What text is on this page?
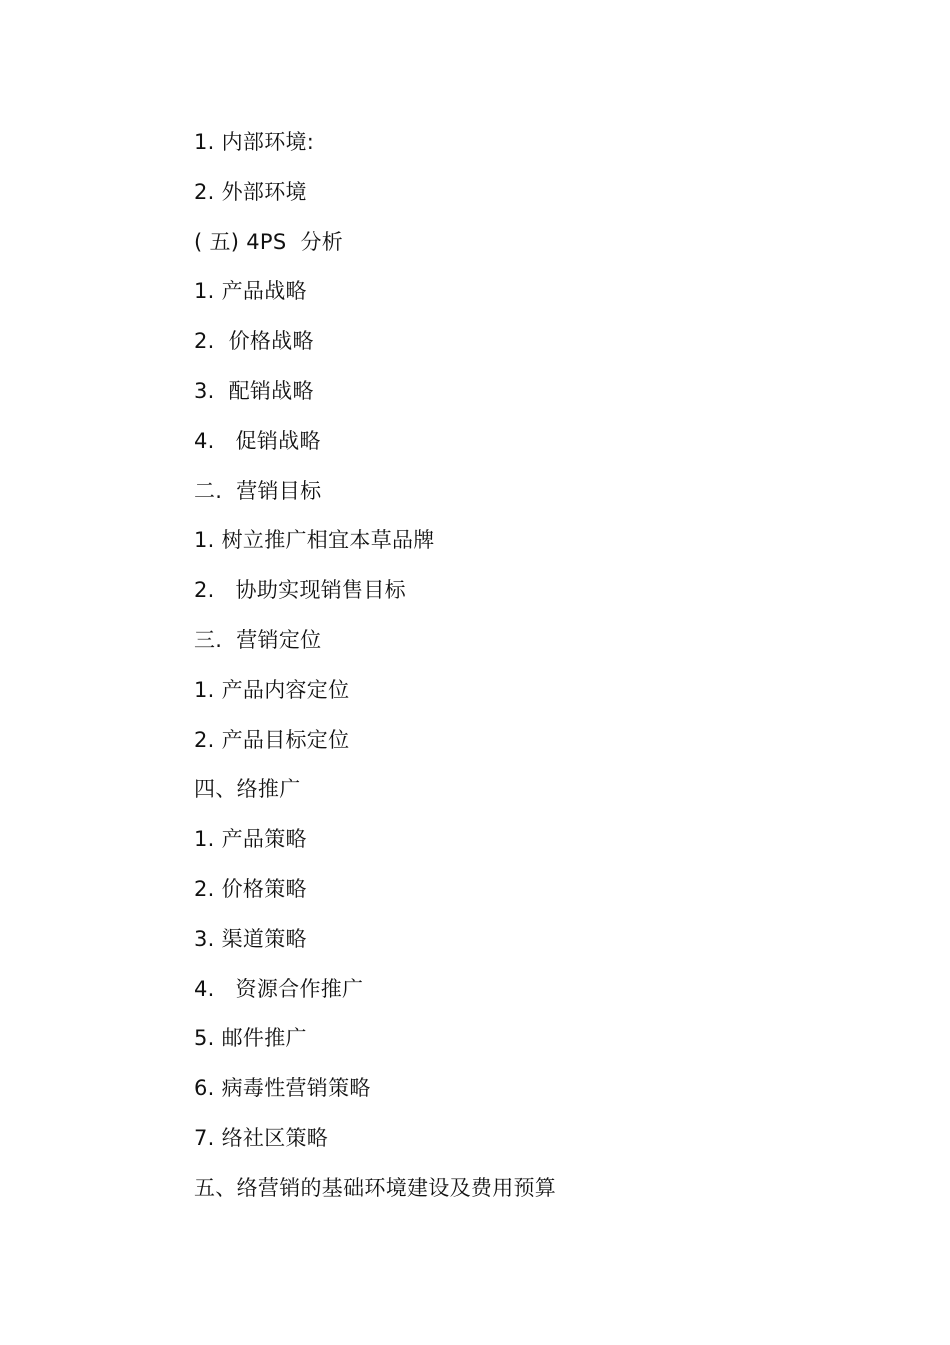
1. 内部环境:
2. 外部环境
( 五) 4PS  分析
1. 产品战略
2.  价格战略
3.  配销战略
4.   促销战略
二.  营销目标
1. 树立推广相宜本草品牌
2.   协助实现销售目标
三.  营销定位
1. 产品内容定位
2. 产品目标定位
四、络推广
1. 产品策略
2. 价格策略
3. 渠道策略
4.   资源合作推广
5. 邮件推广
6. 病毒性营销策略
7. 络社区策略
五、络营销的基础环境建设及费用预算
